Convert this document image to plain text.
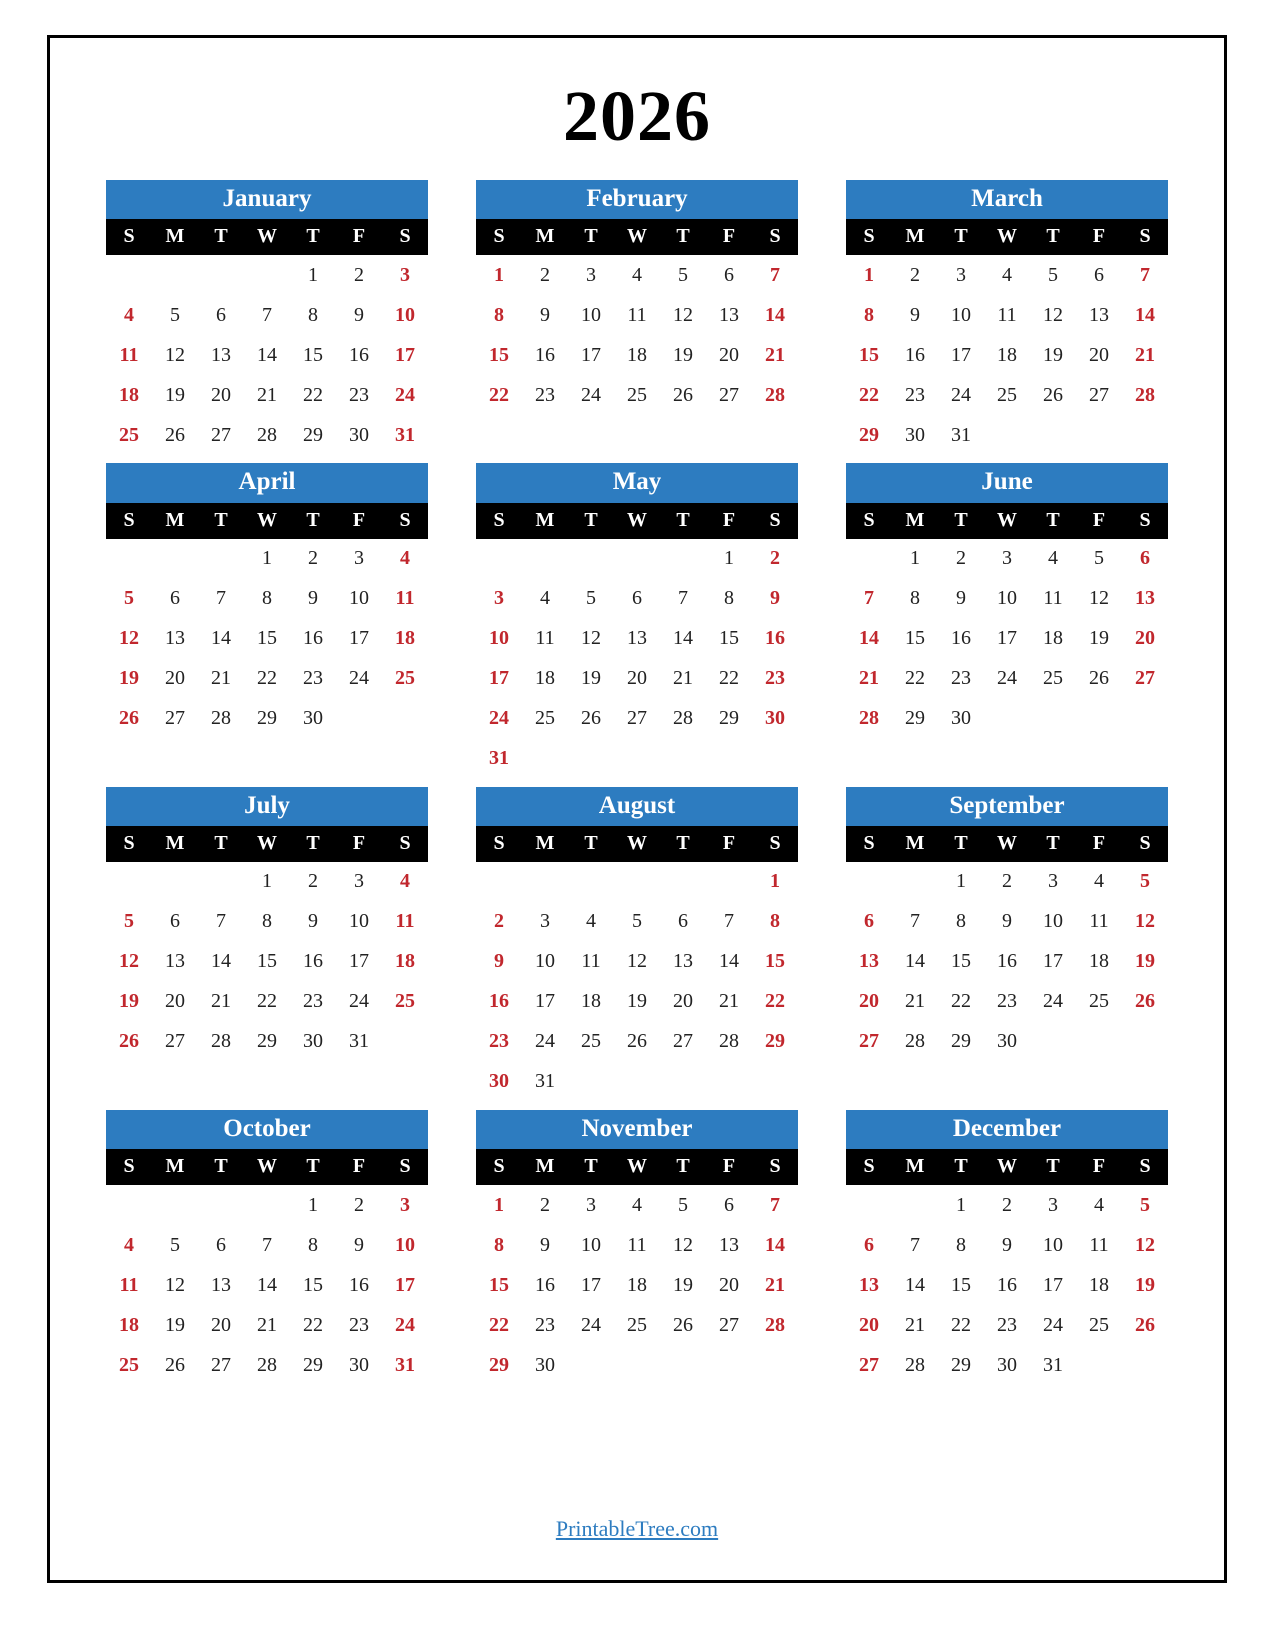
2026
January
S	M	T	W	T	F	S
				1	2	3
4	5	6	7	8	9	10
11	12	13	14	15	16	17
18	19	20	21	22	23	24
25	26	27	28	29	30	31
February
S	M	T	W	T	F	S
1	2	3	4	5	6	7
8	9	10	11	12	13	14
15	16	17	18	19	20	21
22	23	24	25	26	27	28
March
S	M	T	W	T	F	S
1	2	3	4	5	6	7
8	9	10	11	12	13	14
15	16	17	18	19	20	21
22	23	24	25	26	27	28
29	30	31				
April
S	M	T	W	T	F	S
			1	2	3	4
5	6	7	8	9	10	11
12	13	14	15	16	17	18
19	20	21	22	23	24	25
26	27	28	29	30		
May
S	M	T	W	T	F	S
					1	2
3	4	5	6	7	8	9
10	11	12	13	14	15	16
17	18	19	20	21	22	23
24	25	26	27	28	29	30
31						
June
S	M	T	W	T	F	S
	1	2	3	4	5	6
7	8	9	10	11	12	13
14	15	16	17	18	19	20
21	22	23	24	25	26	27
28	29	30				
July
S	M	T	W	T	F	S
			1	2	3	4
5	6	7	8	9	10	11
12	13	14	15	16	17	18
19	20	21	22	23	24	25
26	27	28	29	30	31	
August
S	M	T	W	T	F	S
						1
2	3	4	5	6	7	8
9	10	11	12	13	14	15
16	17	18	19	20	21	22
23	24	25	26	27	28	29
30	31					
September
S	M	T	W	T	F	S
		1	2	3	4	5
6	7	8	9	10	11	12
13	14	15	16	17	18	19
20	21	22	23	24	25	26
27	28	29	30			
October
S	M	T	W	T	F	S
				1	2	3
4	5	6	7	8	9	10
11	12	13	14	15	16	17
18	19	20	21	22	23	24
25	26	27	28	29	30	31
November
S	M	T	W	T	F	S
1	2	3	4	5	6	7
8	9	10	11	12	13	14
15	16	17	18	19	20	21
22	23	24	25	26	27	28
29	30					
December
S	M	T	W	T	F	S
		1	2	3	4	5
6	7	8	9	10	11	12
13	14	15	16	17	18	19
20	21	22	23	24	25	26
27	28	29	30	31		
PrintableTree.com
